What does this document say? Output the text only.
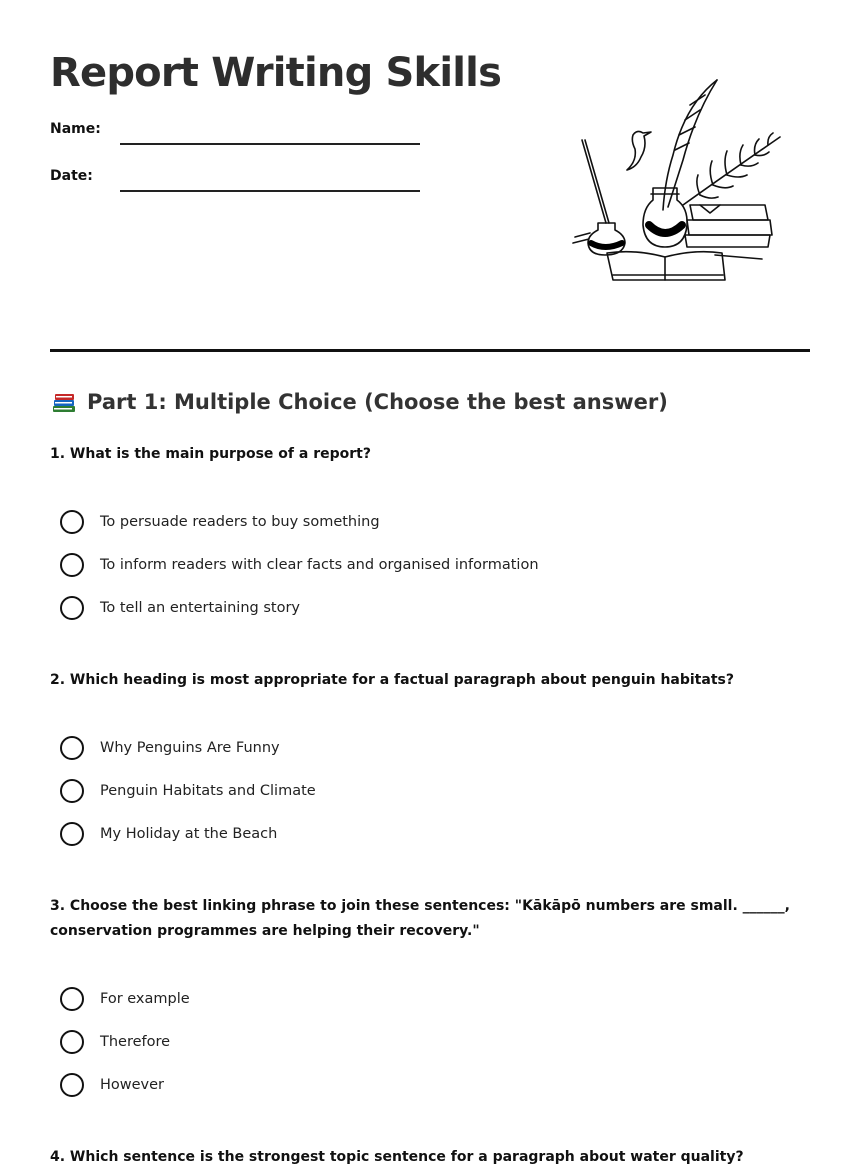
Report Writing Skills
Name:
Date:
Part 1: Multiple Choice (Choose the best answer)

1. What is the main purpose of a report?

To persuade readers to buy something
To inform readers with clear facts and organised information
To tell an entertaining story

2. Which heading is most appropriate for a factual paragraph about penguin habitats?

Why Penguins Are Funny
Penguin Habitats and Climate
My Holiday at the Beach

3. Choose the best linking phrase to join these sentences: "Kākāpō numbers are small. ______, conservation programmes are helping their recovery."

For example
Therefore
However

4. Which sentence is the strongest topic sentence for a paragraph about water quality?
